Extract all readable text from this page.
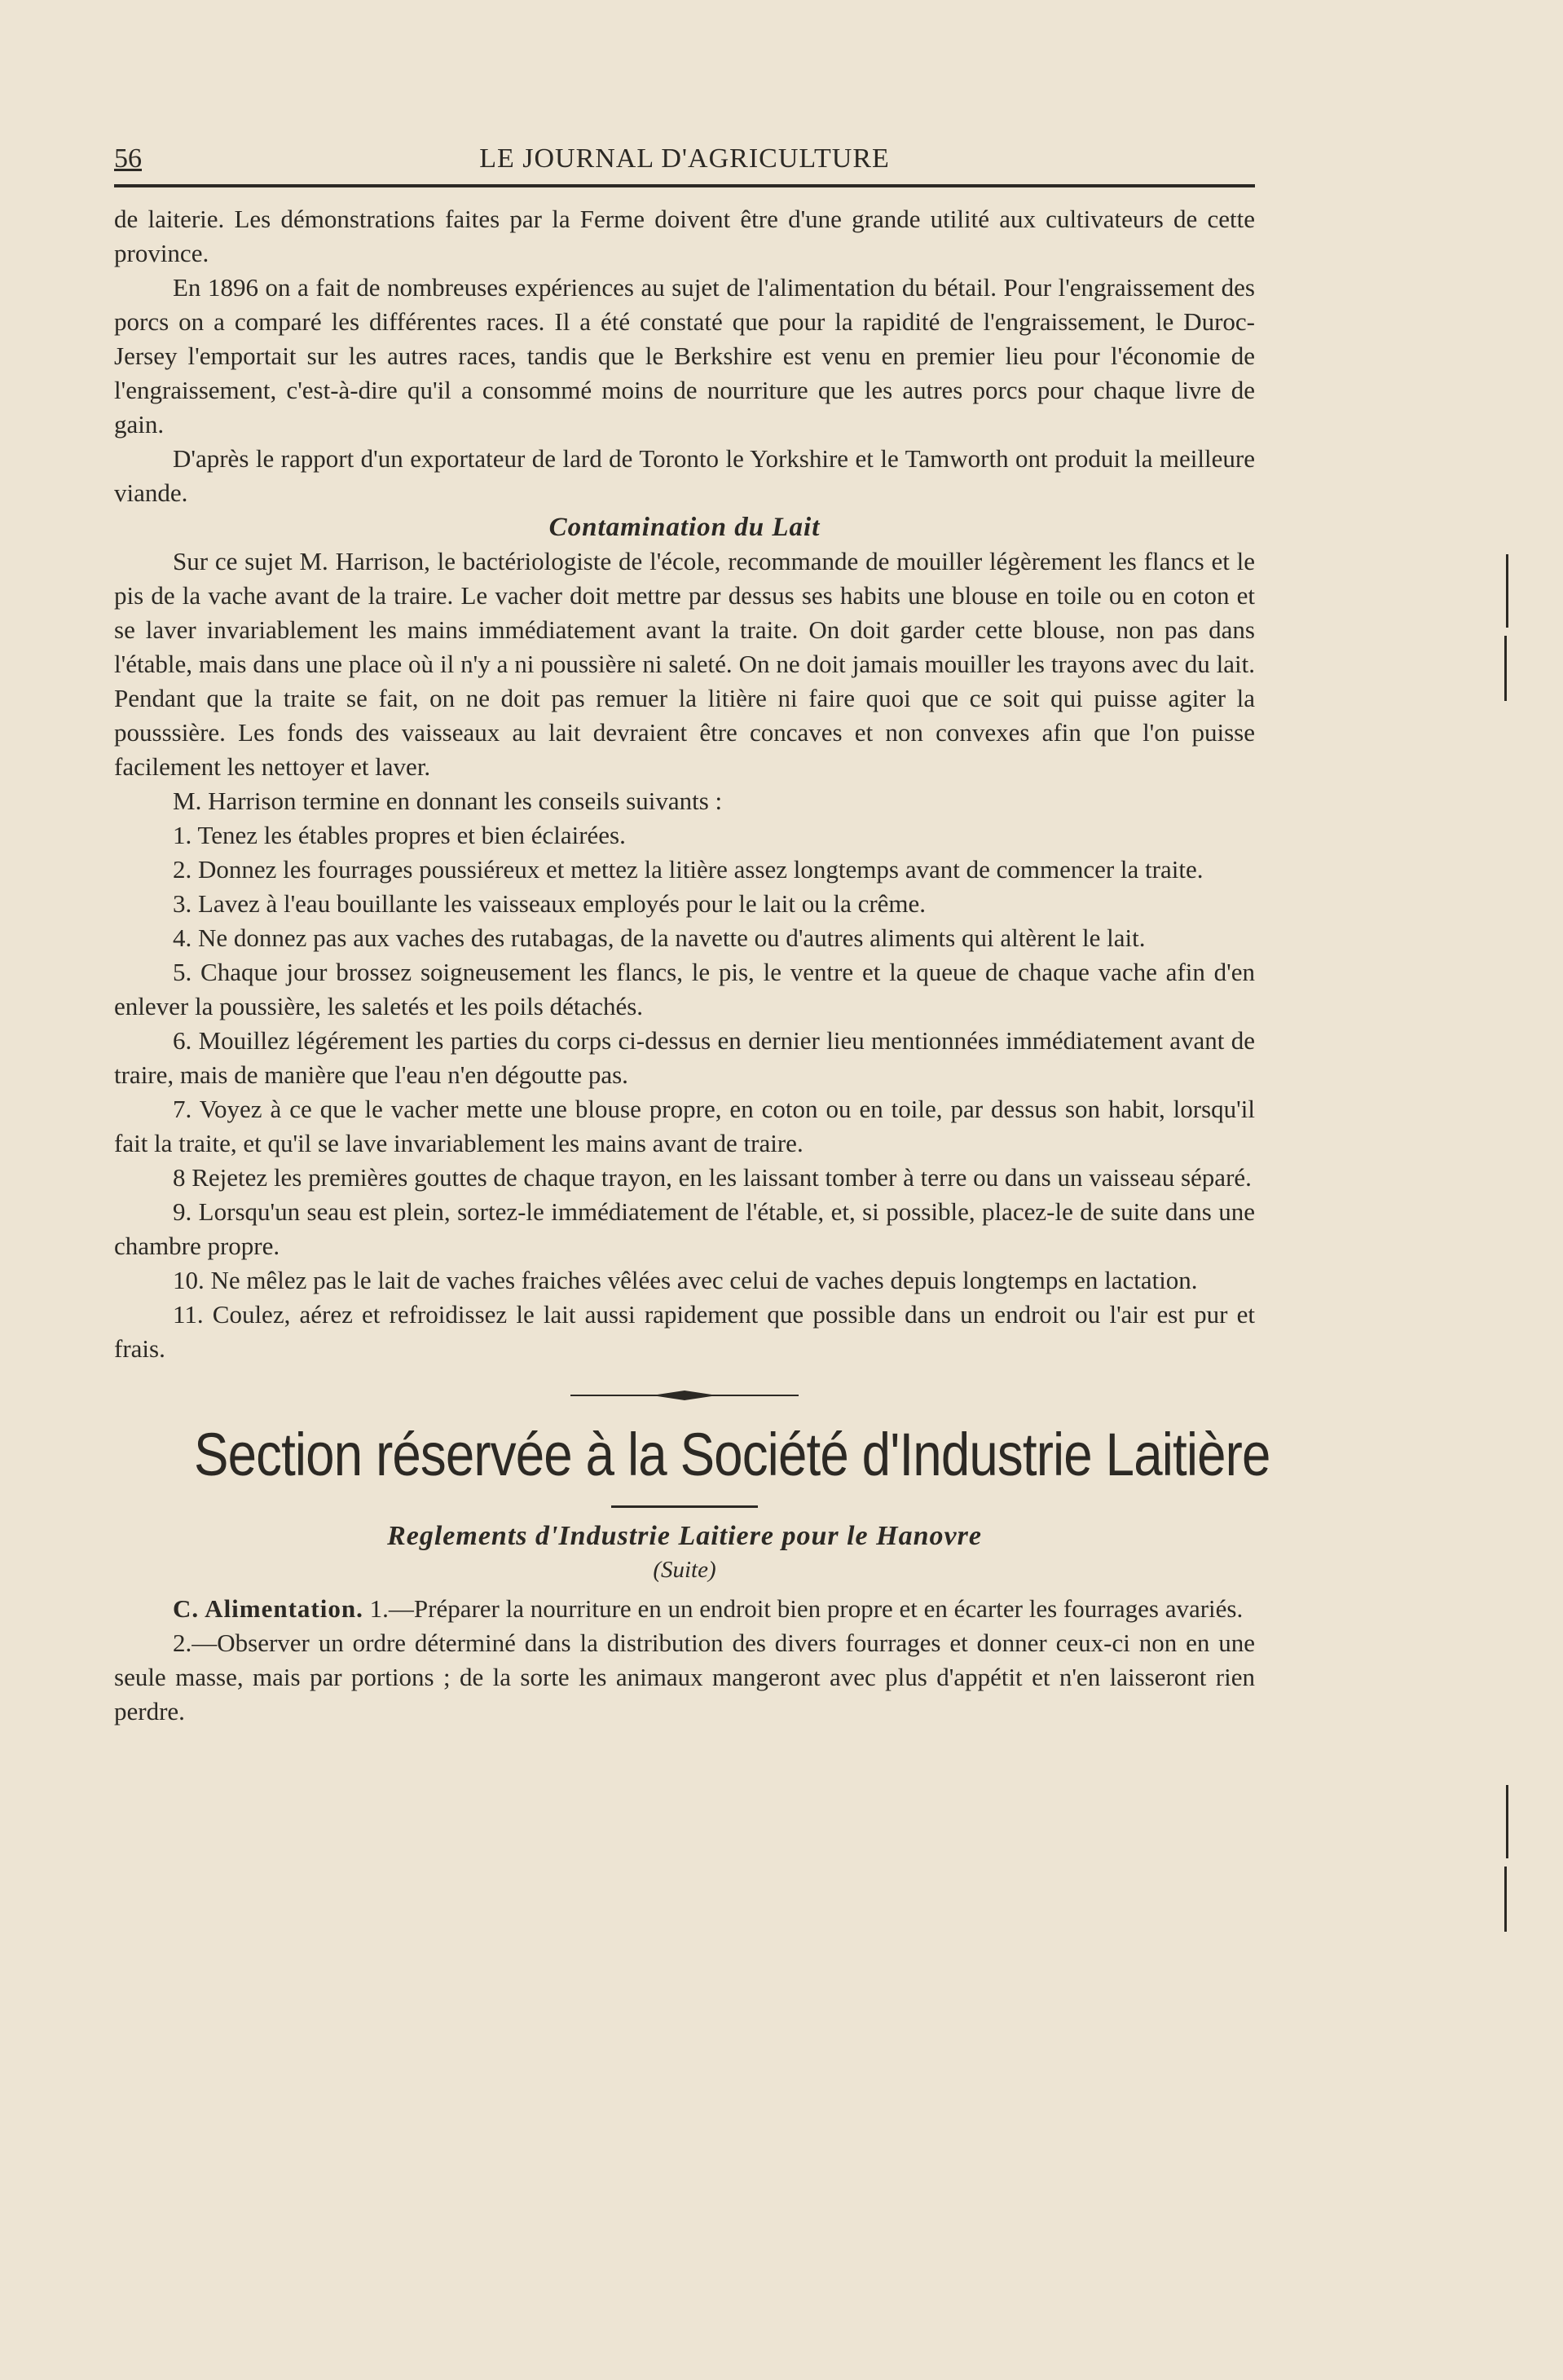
56	LE JOURNAL D'AGRICULTURE

de laiterie. Les démonstrations faites par la Ferme doivent être d'une grande utilité aux cultivateurs de cette province.

En 1896 on a fait de nombreuses expériences au sujet de l'alimentation du bétail. Pour l'engraissement des porcs on a comparé les différentes races. Il a été constaté que pour la rapidité de l'engraissement, le Duroc-Jersey l'emportait sur les autres races, tandis que le Berkshire est venu en premier lieu pour l'économie de l'engraissement, c'est-à-dire qu'il a consommé moins de nourriture que les autres porcs pour chaque livre de gain.

D'après le rapport d'un exportateur de lard de Toronto le Yorkshire et le Tamworth ont produit la meilleure viande.

Contamination du Lait

Sur ce sujet M. Harrison, le bactériologiste de l'école, recommande de mouiller légèrement les flancs et le pis de la vache avant de la traire. Le vacher doit mettre par dessus ses habits une blouse en toile ou en coton et se laver invariablement les mains immédiatement avant la traite. On doit garder cette blouse, non pas dans l'étable, mais dans une place où il n'y a ni poussière ni saleté. On ne doit jamais mouiller les trayons avec du lait. Pendant que la traite se fait, on ne doit pas remuer la litière ni faire quoi que ce soit qui puisse agiter la pousssière. Les fonds des vaisseaux au lait devraient être concaves et non convexes afin que l'on puisse facilement les nettoyer et laver.

M. Harrison termine en donnant les conseils suivants :

1. Tenez les étables propres et bien éclairées.

2. Donnez les fourrages poussiéreux et mettez la litière assez longtemps avant de commencer la traite.

3. Lavez à l'eau bouillante les vaisseaux employés pour le lait ou la crême.

4. Ne donnez pas aux vaches des rutabagas, de la navette ou d'autres aliments qui altèrent le lait.

5. Chaque jour brossez soigneusement les flancs, le pis, le ventre et la queue de chaque vache afin d'en enlever la poussière, les saletés et les poils détachés.

6. Mouillez légérement les parties du corps ci-dessus en dernier lieu mentionnées immédiatement avant de traire, mais de manière que l'eau n'en dégoutte pas.

7. Voyez à ce que le vacher mette une blouse propre, en coton ou en toile, par dessus son habit, lorsqu'il fait la traite, et qu'il se lave invariablement les mains avant de traire.

8 Rejetez les premières gouttes de chaque trayon, en les laissant tomber à terre ou dans un vaisseau séparé.

9. Lorsqu'un seau est plein, sortez-le immédiatement de l'étable, et, si possible, placez-le de suite dans une chambre propre.

10. Ne mêlez pas le lait de vaches fraiches vêlées avec celui de vaches depuis longtemps en lactation.

11. Coulez, aérez et refroidissez le lait aussi rapidement que possible dans un endroit ou l'air est pur et frais.

Section réservée à la Société d'Industrie Laitière

Reglements d'Industrie Laitiere pour le Hanovre

(Suite)

C. Alimentation. 1.—Préparer la nourriture en un endroit bien propre et en écarter les fourrages avariés.

2.—Observer un ordre déterminé dans la distribution des divers fourrages et donner ceux-ci non en une seule masse, mais par portions ; de la sorte les animaux mangeront avec plus d'appétit et n'en laisseront rien perdre.
